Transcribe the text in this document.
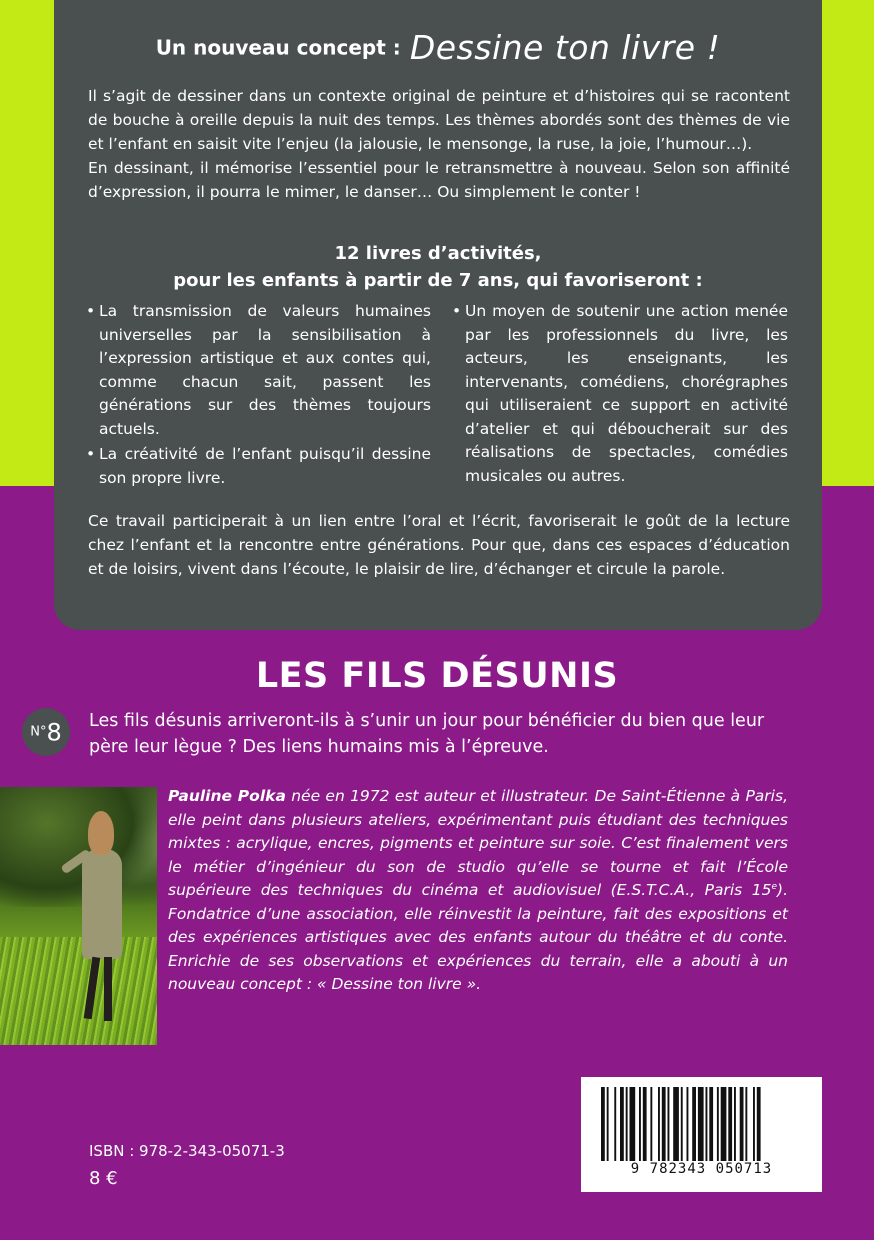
Un nouveau concept : Dessine ton livre !

Il s’agit de dessiner dans un contexte original de peinture et d’histoires qui se racontent de bouche à oreille depuis la nuit des temps. Les thèmes abordés sont des thèmes de vie et l’enfant en saisit vite l’enjeu (la jalousie, le mensonge, la ruse, la joie, l’humour…).

En dessinant, il mémorise l’essentiel pour le retransmettre à nouveau. Selon son affinité d’expression, il pourra le mimer, le danser… Ou simplement le conter !

12 livres d’activités,
pour les enfants à partir de 7 ans, qui favoriseront :
• La transmission de valeurs humaines universelles par la sensibilisation à l’expression artistique et aux contes qui, comme chacun sait, passent les générations sur des thèmes toujours actuels.
• La créativité de l’enfant puisqu’il dessine son propre livre.
• Un moyen de soutenir une action menée par les professionnels du livre, les acteurs, les enseignants, les intervenants, comédiens, chorégraphes qui utiliseraient ce support en activité d’atelier et qui déboucherait sur des réalisations de spectacles, comédies musicales ou autres.

Ce travail participerait à un lien entre l’oral et l’écrit, favoriserait le goût de la lecture chez l’enfant et la rencontre entre générations. Pour que, dans ces espaces d’éducation et de loisirs, vivent dans l’écoute, le plaisir de lire, d’échanger et circule la parole.

LES FILS DÉSUNIS
N°8	Les fils désunis arriveront-ils à s’unir un jour pour bénéficier du bien que leur père leur lègue ? Des liens humains mis à l’épreuve.

Pauline Polka née en 1972 est auteur et illustrateur. De Saint-Étienne à Paris, elle peint dans plusieurs ateliers, expérimentant puis étudiant des techniques mixtes : acrylique, encres, pigments et peinture sur soie. C’est finalement vers le métier d’ingénieur du son de studio qu’elle se tourne et fait l’École supérieure des techniques du cinéma et audiovisuel (E.S.T.C.A., Paris 15e). Fondatrice d’une association, elle réinvestit la peinture, fait des expositions et des expériences artistiques avec des enfants autour du théâtre et du conte. Enrichie de ses observations et expériences du terrain, elle a abouti à un nouveau concept : « Dessine ton livre ».

9 782343 050713

ISBN : 978-2-343-05071-3

8 €
